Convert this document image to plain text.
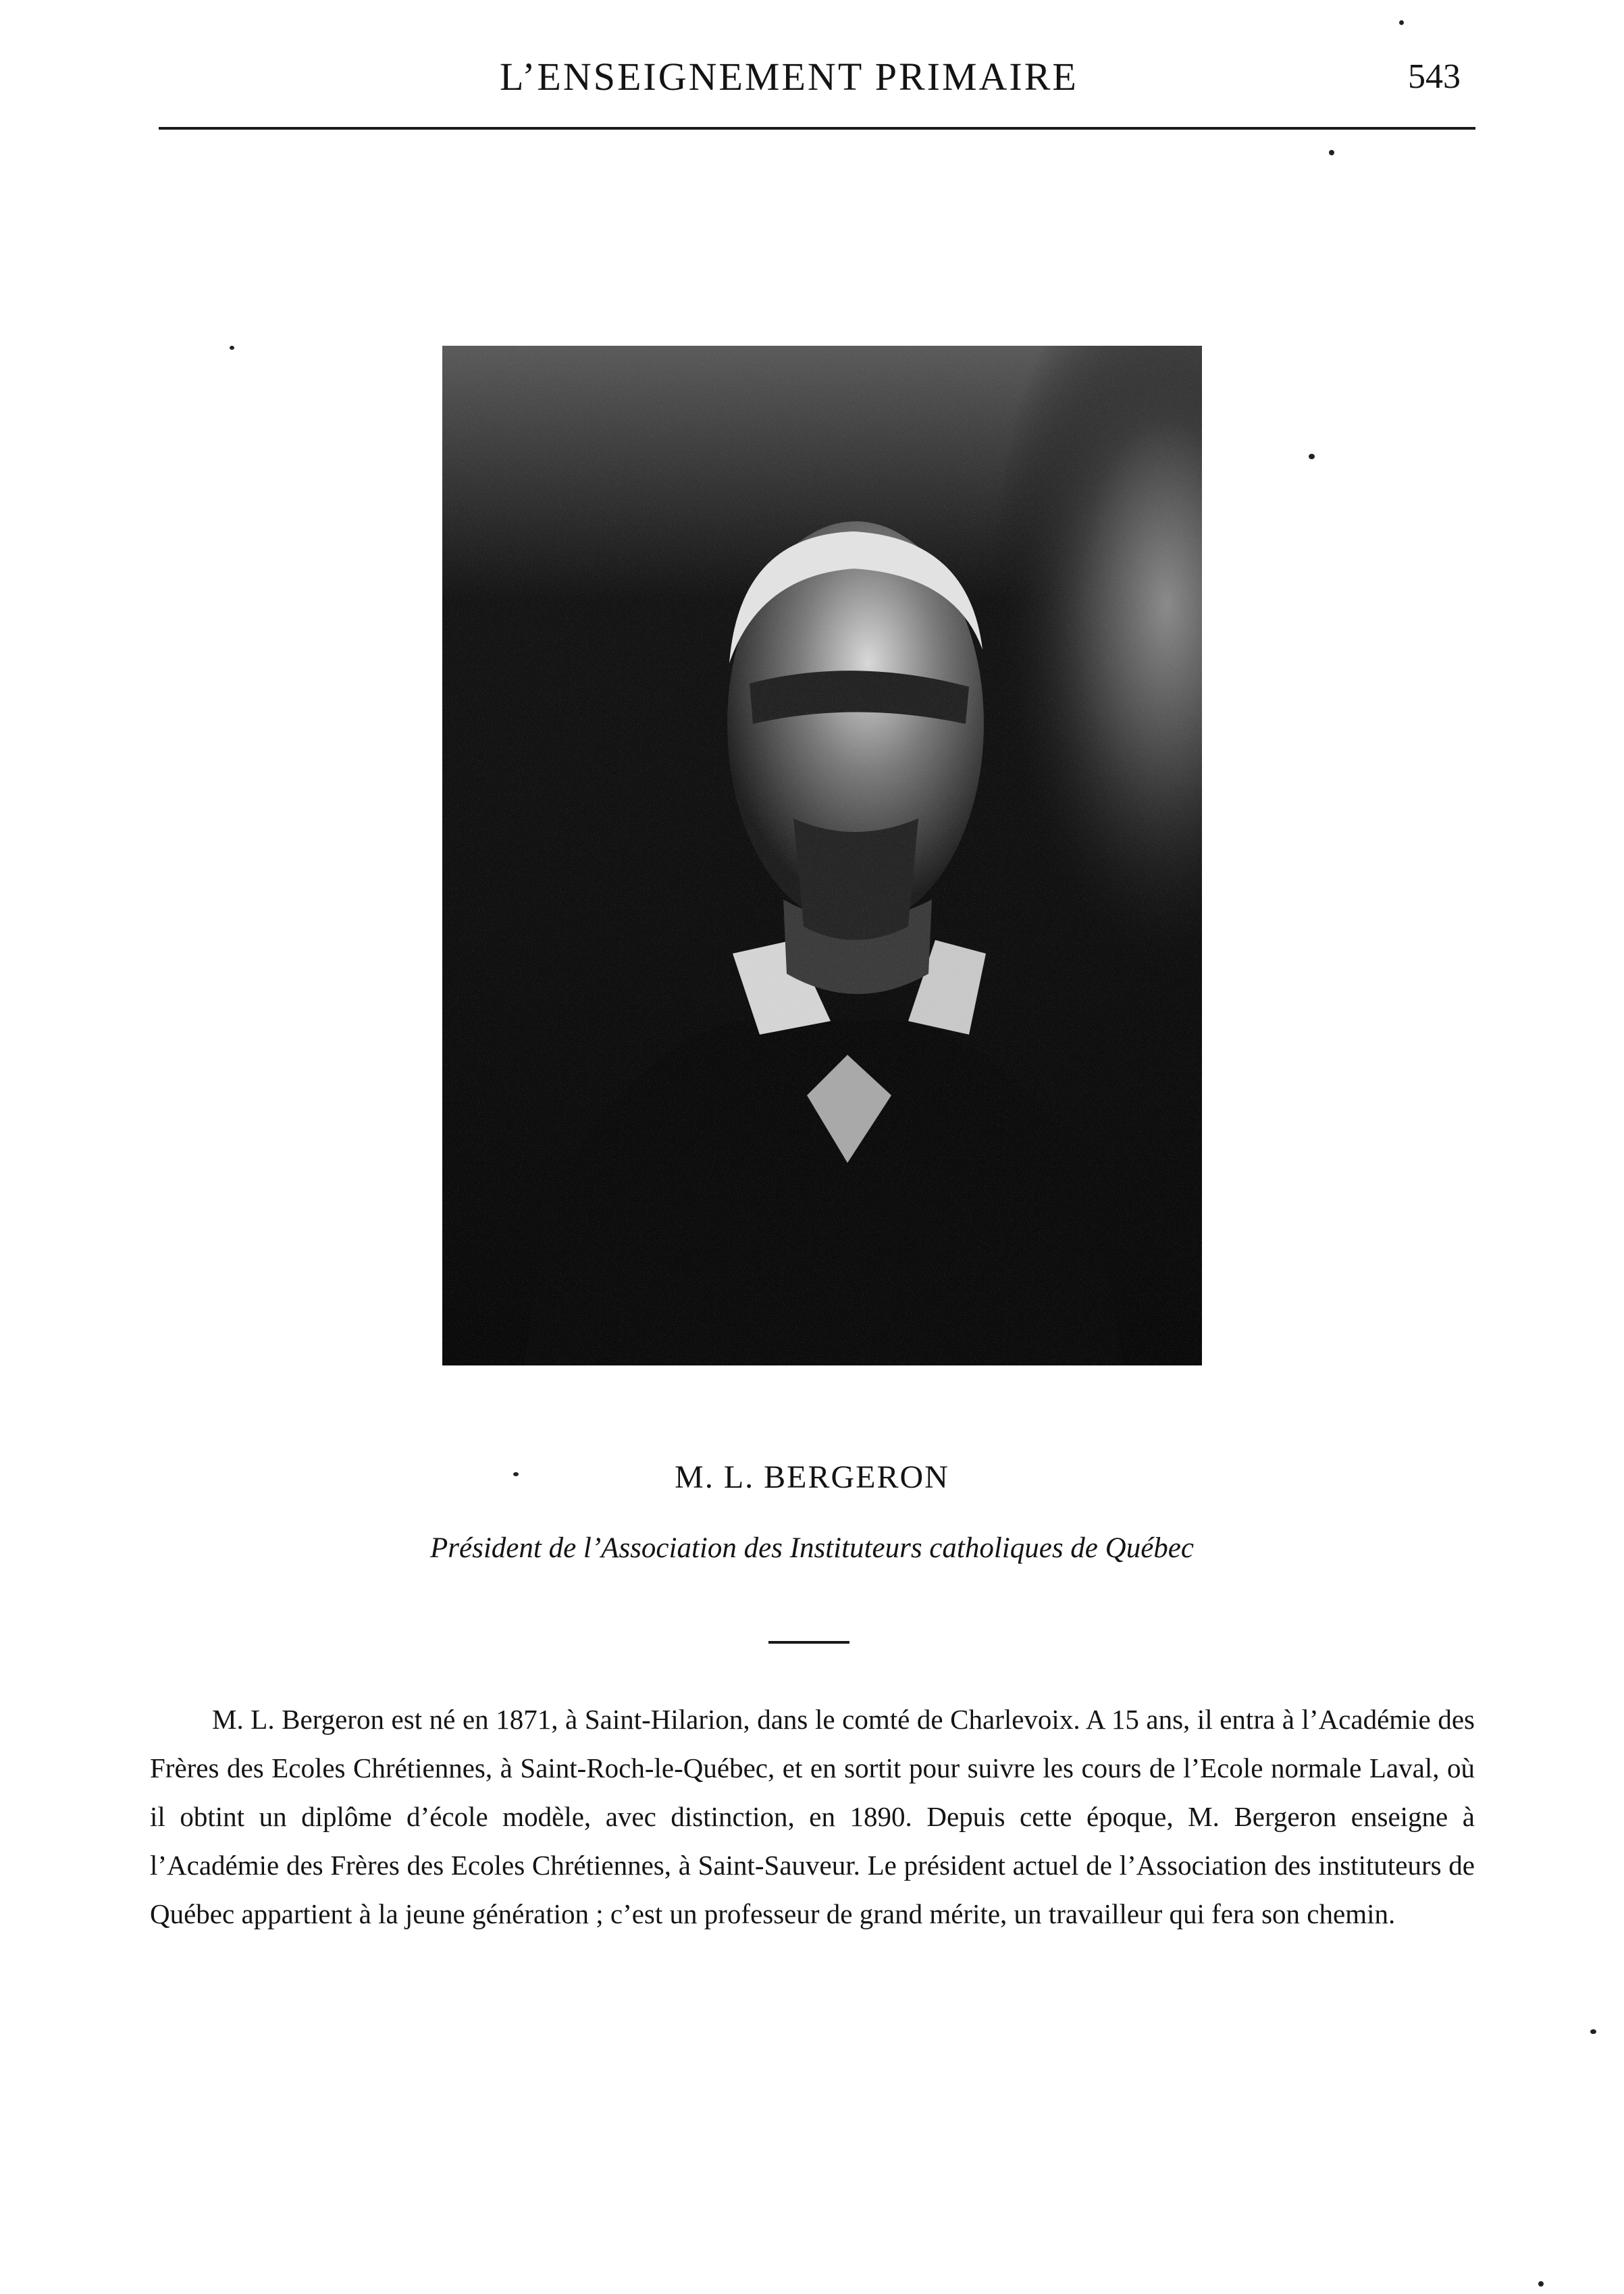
L’ENSEIGNEMENT PRIMAIRE	543
M. L. BERGERON
Président de l’Association des Instituteurs catholiques de Québec

M. L. Bergeron est né en 1871, à Saint-Hilarion, dans le comté de Charlevoix. A 15 ans, il entra à l’Académie des Frères des Ecoles Chrétiennes, à Saint-Roch-le-Québec, et en sortit pour suivre les cours de l’Ecole normale Laval, où il obtint un diplôme d’école modèle, avec distinction, en 1890. Depuis cette époque, M. Bergeron enseigne à l’Académie des Frères des Ecoles Chrétiennes, à Saint-Sauveur. Le président actuel de l’Association des instituteurs de Québec appartient à la jeune génération ; c’est un professeur de grand mérite, un travailleur qui fera son chemin.
